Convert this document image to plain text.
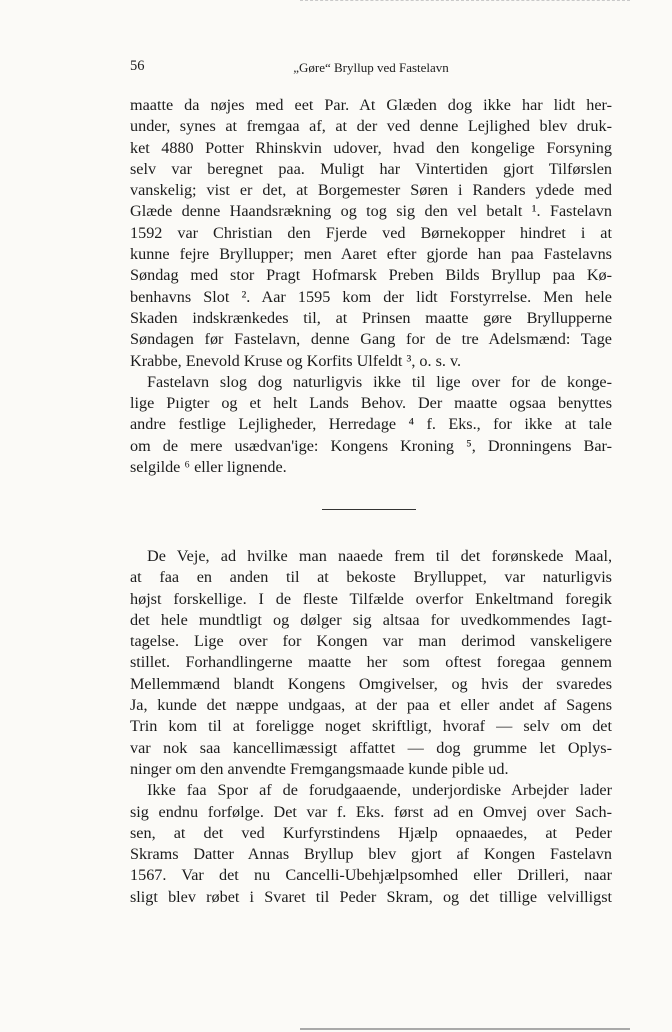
56	„Gøre“ Bryllup ved Fastelavn
maatte da nøjes med eet Par. At Glæden dog ikke har lidt her-
under, synes at fremgaa af, at der ved denne Lejlighed blev druk-
ket 4880 Potter Rhinskvin udover, hvad den kongelige Forsyning
selv var beregnet paa. Muligt har Vintertiden gjort Tilførslen
vanskelig; vist er det, at Borgemester Søren i Randers ydede med
Glæde denne Haandsrækning og tog sig den vel betalt ¹. Fastelavn
1592 var Christian den Fjerde ved Børnekopper hindret i at
kunne fejre Bryllupper; men Aaret efter gjorde han paa Fastelavns
Søndag med stor Pragt Hofmarsk Preben Bilds Bryllup paa Kø-
benhavns Slot ². Aar 1595 kom der lidt Forstyrrelse. Men hele
Skaden indskrænkedes til, at Prinsen maatte gøre Bryllupperne
Søndagen før Fastelavn, denne Gang for de tre Adelsmænd: Tage
Krabbe, Enevold Kruse og Korfits Ulfeldt ³, o. s. v.
Fastelavn slog dog naturligvis ikke til lige over for de konge-
lige Pıigter og et helt Lands Behov. Der maatte ogsaa benyttes
andre festlige Lejligheder, Herredage ⁴ f. Eks., for ikke at tale
om de mere usædvan'ige: Kongens Kroning ⁵, Dronningens Bar-
selgilde ⁶ eller lignende.
De Veje, ad hvilke man naaede frem til det forønskede Maal,
at faa en anden til at bekoste Brylluppet, var naturligvis
højst forskellige. I de fleste Tilfælde overfor Enkeltmand foregik
det hele mundtligt og dølger sig altsaa for uvedkommendes Iagt-
tagelse. Lige over for Kongen var man derimod vanskeligere
stillet. Forhandlingerne maatte her som oftest foregaa gennem
Mellemmænd blandt Kongens Omgivelser, og hvis der svaredes
Ja, kunde det næppe undgaas, at der paa et eller andet af Sagens
Trin kom til at foreligge noget skriftligt, hvoraf — selv om det
var nok saa kancellimæssigt affattet — dog grumme let Oplys-
ninger om den anvendte Fremgangsmaade kunde pible ud.
Ikke faa Spor af de forudgaaende, underjordiske Arbejder lader
sig endnu forfølge. Det var f. Eks. først ad en Omvej over Sach-
sen, at det ved Kurfyrstindens Hjælp opnaaedes, at Peder
Skrams Datter Annas Bryllup blev gjort af Kongen Fastelavn
1567. Var det nu Cancelli-Ubehjælpsomhed eller Drilleri, naar
sligt blev røbet i Svaret til Peder Skram, og det tillige velvilligst
